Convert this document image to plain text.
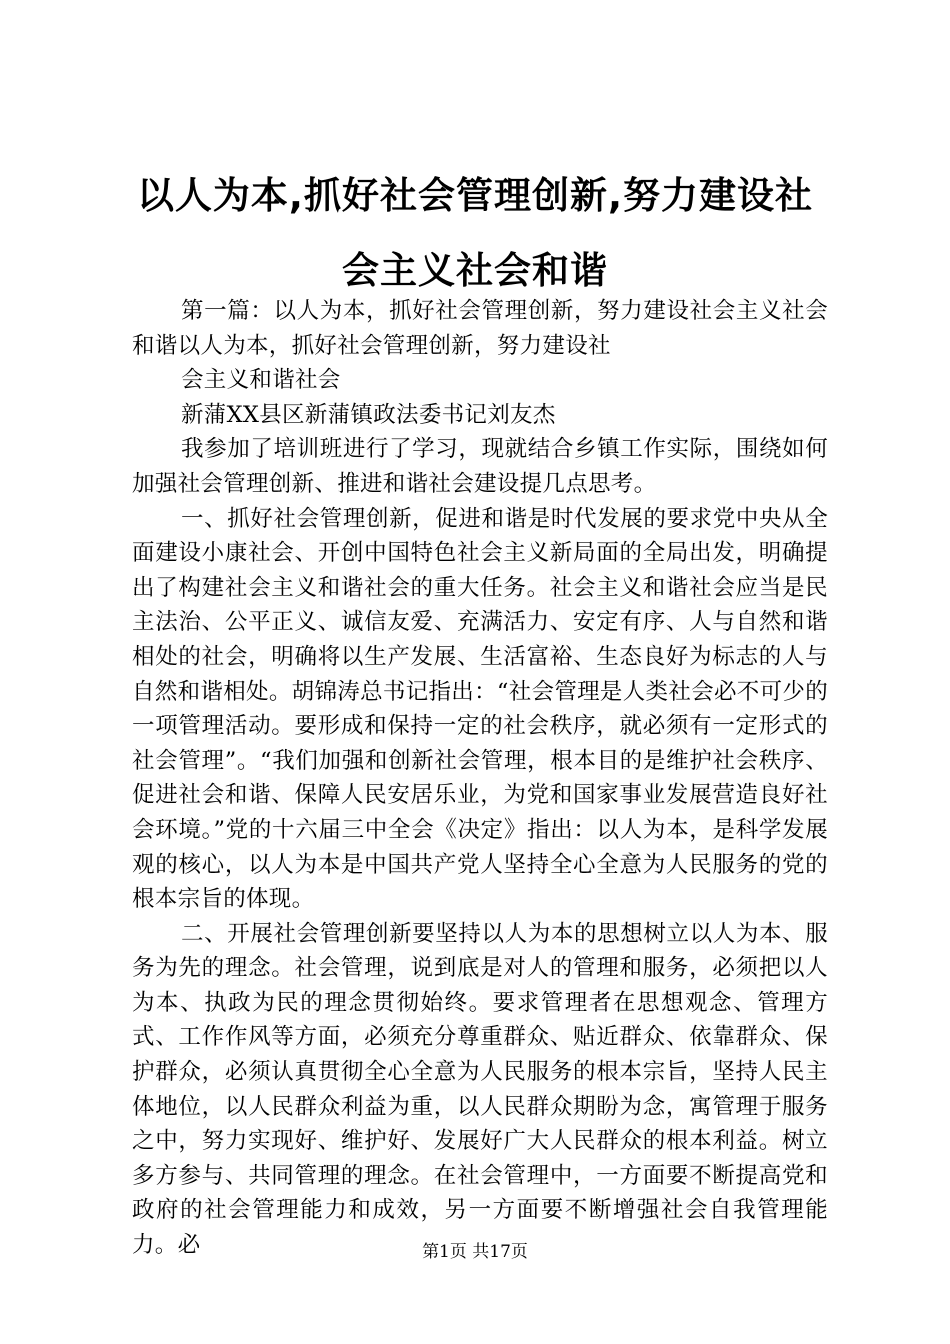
以人为本,抓好社会管理创新,努力建设社会主义社会和谐

第一篇：以人为本，抓好社会管理创新，努力建设社会主义社会和谐以人为本，抓好社会管理创新，努力建设社

会主义和谐社会

新蒲XX县区新蒲镇政法委书记刘友杰

我参加了培训班进行了学习，现就结合乡镇工作实际，围绕如何加强社会管理创新、推进和谐社会建设提几点思考。

一、抓好社会管理创新，促进和谐是时代发展的要求党中央从全面建设小康社会、开创中国特色社会主义新局面的全局出发，明确提出了构建社会主义和谐社会的重大任务。社会主义和谐社会应当是民主法治、公平正义、诚信友爱、充满活力、安定有序、人与自然和谐相处的社会，明确将以生产发展、生活富裕、生态良好为标志的人与自然和谐相处。胡锦涛总书记指出：“社会管理是人类社会必不可少的一项管理活动。要形成和保持一定的社会秩序，就必须有一定形式的社会管理”。“我们加强和创新社会管理，根本目的是维护社会秩序、促进社会和谐、保障人民安居乐业，为党和国家事业发展营造良好社会环境。”党的十六届三中全会《决定》指出：以人为本，是科学发展观的核心，以人为本是中国共产党人坚持全心全意为人民服务的党的根本宗旨的体现。

二、开展社会管理创新要坚持以人为本的思想树立以人为本、服务为先的理念。社会管理，说到底是对人的管理和服务，必须把以人为本、执政为民的理念贯彻始终。要求管理者在思想观念、管理方式、工作作风等方面，必须充分尊重群众、贴近群众、依靠群众、保护群众，必须认真贯彻全心全意为人民服务的根本宗旨，坚持人民主体地位，以人民群众利益为重，以人民群众期盼为念，寓管理于服务之中，努力实现好、维护好、发展好广大人民群众的根本利益。树立多方参与、共同管理的理念。在社会管理中，一方面要不断提高党和政府的社会管理能力和成效，另一方面要不断增强社会自我管理能力。必	第1页 共17页
